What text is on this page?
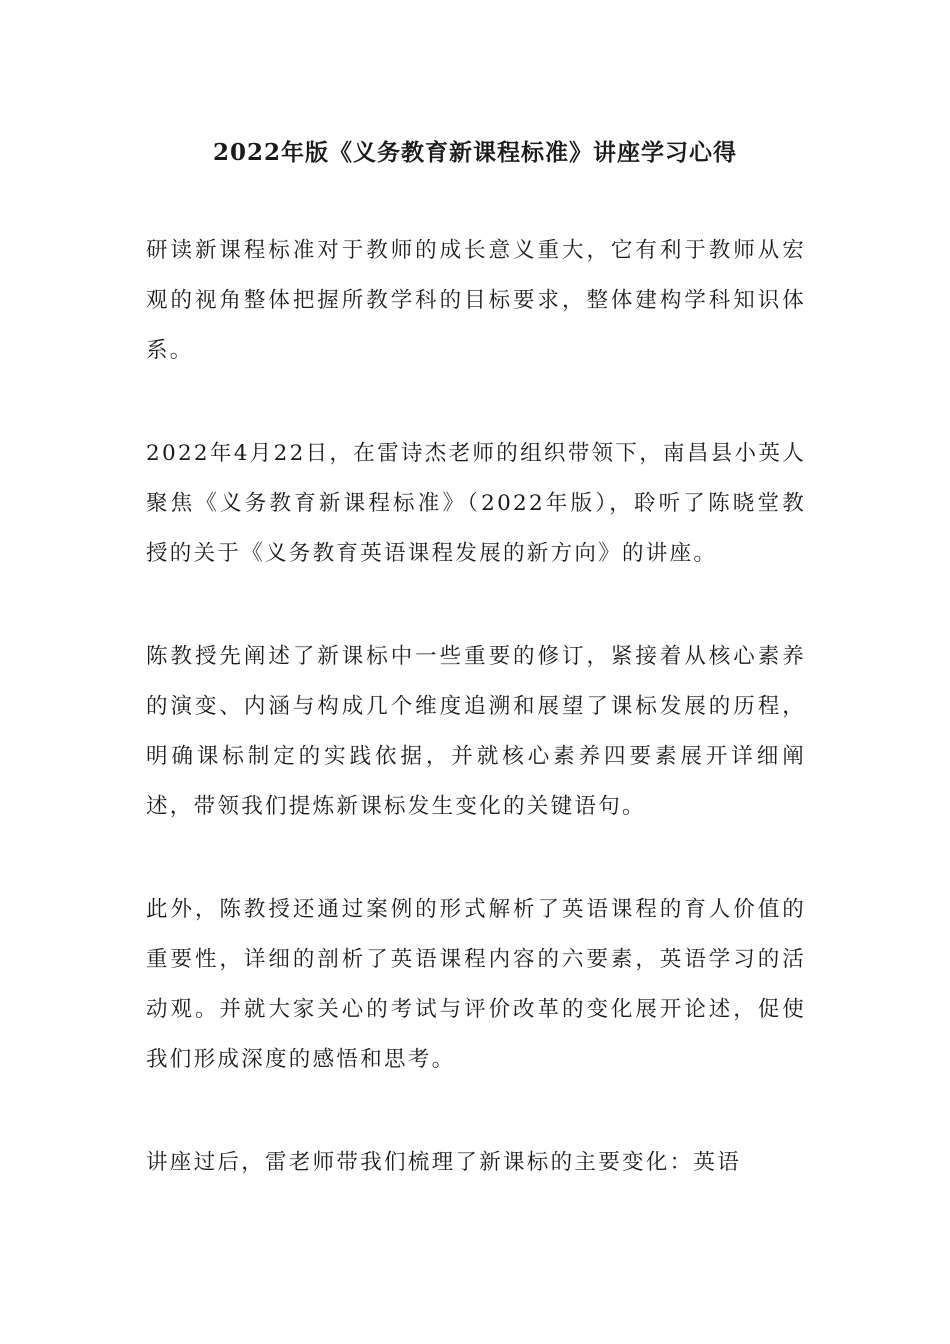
2022年版《义务教育新课程标准》讲座学习心得

研读新课程标准对于教师的成长意义重大，它有利于教师从宏观的视角整体把握所教学科的目标要求，整体建构学科知识体系。

2022年4月22日，在雷诗杰老师的组织带领下，南昌县小英人聚焦《义务教育新课程标准》（2022年版），聆听了陈晓堂教授的关于《义务教育英语课程发展的新方向》的讲座。

陈教授先阐述了新课标中一些重要的修订，紧接着从核心素养的演变、内涵与构成几个维度追溯和展望了课标发展的历程，明确课标制定的实践依据，并就核心素养四要素展开详细阐述，带领我们提炼新课标发生变化的关键语句。

此外，陈教授还通过案例的形式解析了英语课程的育人价值的重要性，详细的剖析了英语课程内容的六要素，英语学习的活动观。并就大家关心的考试与评价改革的变化展开论述，促使我们形成深度的感悟和思考。

讲座过后，雷老师带我们梳理了新课标的主要变化：英语
